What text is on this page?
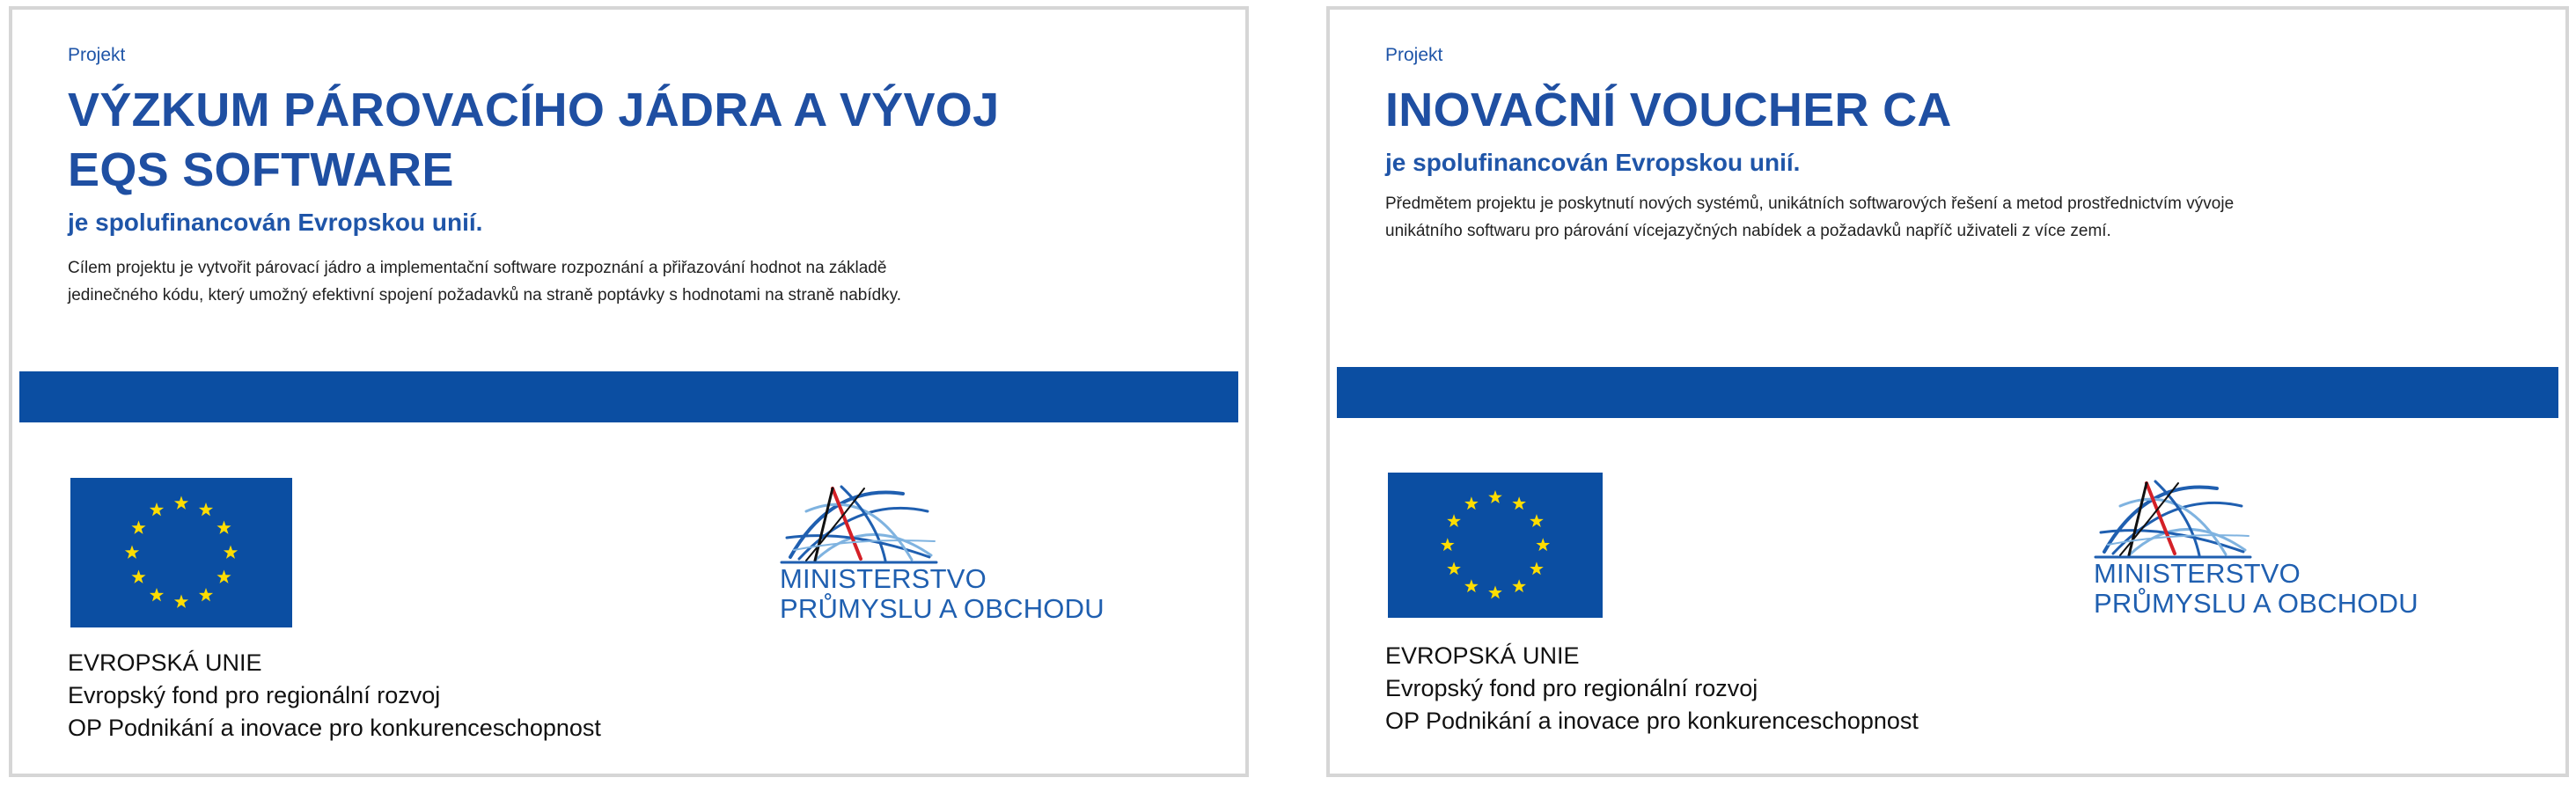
Projekt
VÝZKUM PÁROVACÍHO JÁDRA A VÝVOJ
EQS SOFTWARE
je spolufinancován Evropskou unií.
Cílem projektu je vytvořit párovací jádro a implementační software rozpoznání a přiřazování hodnot na základě
jedinečného kódu, který umožný efektivní spojení požadavků na straně poptávky s hodnotami na straně nabídky.
MINISTERSTVO
PRŮMYSLU A OBCHODU
EVROPSKÁ UNIE
Evropský fond pro regionální rozvoj
OP Podnikání a inovace pro konkurenceschopnost
Projekt
INOVAČNÍ VOUCHER CA
je spolufinancován Evropskou unií.
Předmětem projektu je poskytnutí nových systémů, unikátních softwarových řešení a metod prostřednictvím vývoje
unikátního softwaru pro párování vícejazyčných nabídek a požadavků napříč uživateli z více zemí.
MINISTERSTVO
PRŮMYSLU A OBCHODU
EVROPSKÁ UNIE
Evropský fond pro regionální rozvoj
OP Podnikání a inovace pro konkurenceschopnost
